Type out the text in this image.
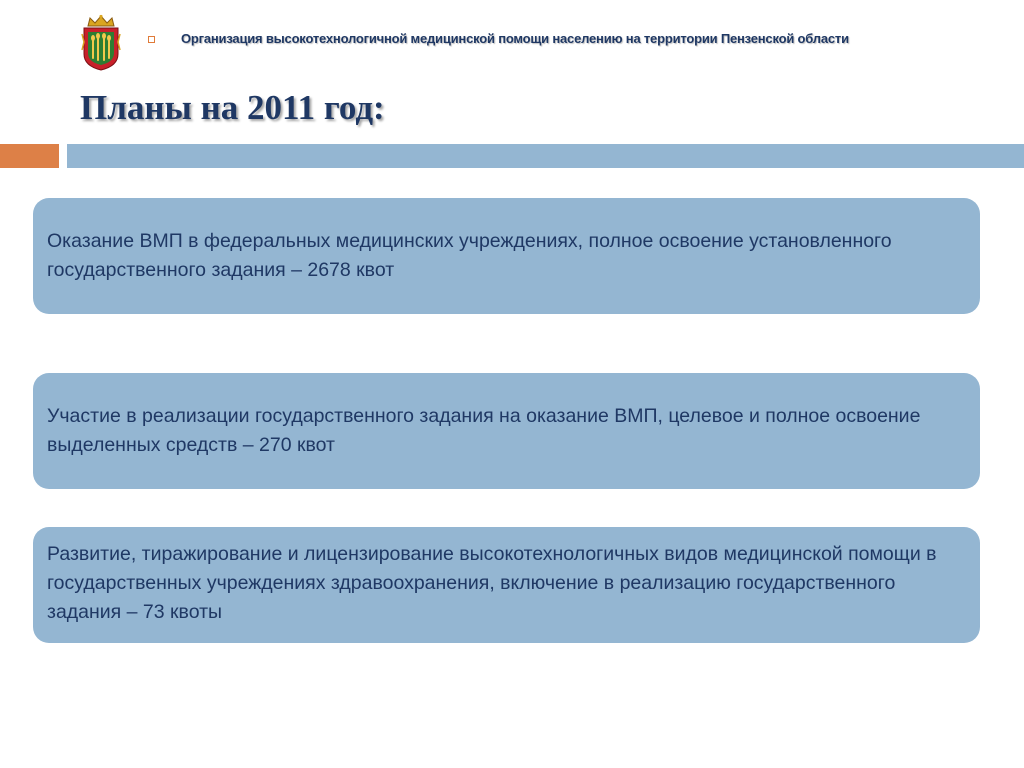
Организация высокотехнологичной медицинской помощи населению на территории Пензенской области
Планы на 2011 год:
Оказание ВМП в федеральных медицинских учреждениях, полное освоение установленного государственного задания – 2678 квот
Участие в реализации государственного задания на оказание ВМП, целевое и полное освоение выделенных средств – 270 квот
Развитие, тиражирование и лицензирование высокотехнологичных видов медицинской помощи в государственных учреждениях здравоохранения, включение в реализацию государственного задания – 73 квоты
